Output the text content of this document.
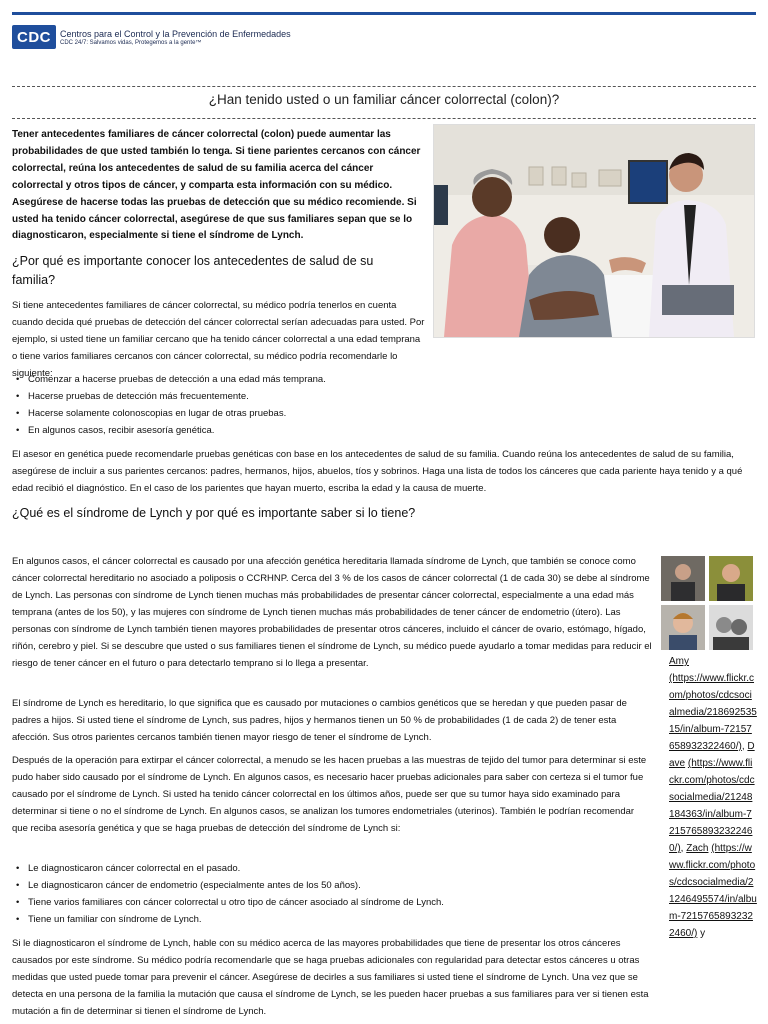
CDC	Centros para el Control y la Prevención de Enfermedades
CDC 24/7: Salvamos vidas, Protegemos a la gente™
¿Han tenido usted o un familiar cáncer colorrectal (colon)?

Tener antecedentes familiares de cáncer colorrectal (colon) puede aumentar las probabilidades de que usted también lo tenga. Si tiene parientes cercanos con cáncer colorrectal, reúna los antecedentes de salud de su familia acerca del cáncer colorrectal y otros tipos de cáncer, y comparta esta información con su médico. Asegúrese de hacerse todas las pruebas de detección que su médico recomiende. Si usted ha tenido cáncer colorrectal, asegúrese de que sus familiares sepan que se lo diagnosticaron, especialmente si tiene el síndrome de Lynch.

¿Por qué es importante conocer los antecedentes de salud de su familia?

Si tiene antecedentes familiares de cáncer colorrectal, su médico podría tenerlos en cuenta cuando decida qué pruebas de detección del cáncer colorrectal serían adecuadas para usted. Por ejemplo, si usted tiene un familiar cercano que ha tenido cáncer colorrectal a una edad temprana o tiene varios familiares cercanos con cáncer colorrectal, su médico podría recomendarle lo siguiente:

• Comenzar a hacerse pruebas de detección a una edad más temprana.
• Hacerse pruebas de detección más frecuentemente.
• Hacerse solamente colonoscopias en lugar de otras pruebas.
• En algunos casos, recibir asesoría genética.

El asesor en genética puede recomendarle pruebas genéticas con base en los antecedentes de salud de su familia. Cuando reúna los antecedentes de salud de su familia, asegúrese de incluir a sus parientes cercanos: padres, hermanos, hijos, abuelos, tíos y sobrinos. Haga una lista de todos los cánceres que cada pariente haya tenido y a qué edad recibió el diagnóstico. En el caso de los parientes que hayan muerto, escriba la edad y la causa de muerte.

¿Qué es el síndrome de Lynch y por qué es importante saber si lo tiene?

En algunos casos, el cáncer colorrectal es causado por una afección genética hereditaria llamada síndrome de Lynch, que también se conoce como cáncer colorrectal hereditario no asociado a poliposis o CCRHNP. Cerca del 3 % de los casos de cáncer colorrectal (1 de cada 30) se debe al síndrome de Lynch. Las personas con síndrome de Lynch tienen muchas más probabilidades de presentar cáncer colorrectal, especialmente a una edad más temprana (antes de los 50), y las mujeres con síndrome de Lynch tienen muchas más probabilidades de tener cáncer de endometrio (útero). Las personas con síndrome de Lynch también tienen mayores probabilidades de presentar otros cánceres, incluido el cáncer de ovario, estómago, hígado, riñón, cerebro y piel. Si se descubre que usted o sus familiares tienen el síndrome de Lynch, su médico puede ayudarlo a tomar medidas para reducir el riesgo de tener cáncer en el futuro o para detectarlo temprano si lo llega a presentar.

El síndrome de Lynch es hereditario, lo que significa que es causado por mutaciones o cambios genéticos que se heredan y que pueden pasar de padres a hijos. Si usted tiene el síndrome de Lynch, sus padres, hijos y hermanos tienen un 50 % de probabilidades (1 de cada 2) de tener esta afección. Sus otros parientes cercanos también tienen mayor riesgo de tener el síndrome de Lynch.

Después de la operación para extirpar el cáncer colorrectal, a menudo se les hacen pruebas a las muestras de tejido del tumor para determinar si este pudo haber sido causado por el síndrome de Lynch. En algunos casos, es necesario hacer pruebas adicionales para saber con certeza si el tumor fue causado por el síndrome de Lynch. Si usted ha tenido cáncer colorrectal en los últimos años, puede ser que su tumor haya sido examinado para determinar si tiene o no el síndrome de Lynch. En algunos casos, se analizan los tumores endometriales (uterinos). También le podrían recomendar que reciba asesoría genética y que se haga pruebas de detección del síndrome de Lynch si:

• Le diagnosticaron cáncer colorrectal en el pasado.
• Le diagnosticaron cáncer de endometrio (especialmente antes de los 50 años).
• Tiene varios familiares con cáncer colorrectal u otro tipo de cáncer asociado al síndrome de Lynch.
• Tiene un familiar con síndrome de Lynch.

Si le diagnosticaron el síndrome de Lynch, hable con su médico acerca de las mayores probabilidades que tiene de presentar los otros cánceres causados por este síndrome. Su médico podría recomendarle que se haga pruebas adicionales con regularidad para detectar estos cánceres u otras medidas que usted puede tomar para prevenir el cáncer. Asegúrese de decirles a sus familiares si usted tiene el síndrome de Lynch. Una vez que se detecta en una persona de la familia la mutación que causa el síndrome de Lynch, se les pueden hacer pruebas a sus familiares para ver si tienen esta mutación a fin de determinar si tienen el síndrome de Lynch.

Amy
(https://www.flickr.com/photos/cdcsocialmedia/21869253515/in/album-72157658932322460/), Dave (https://www.flickr.com/photos/cdcsocialmedia/21248184363/in/album-72157658932322460/), Zach (https://www.flickr.com/photos/cdcsocialmedia/21246495574/in/album-72157658932322460/) y
